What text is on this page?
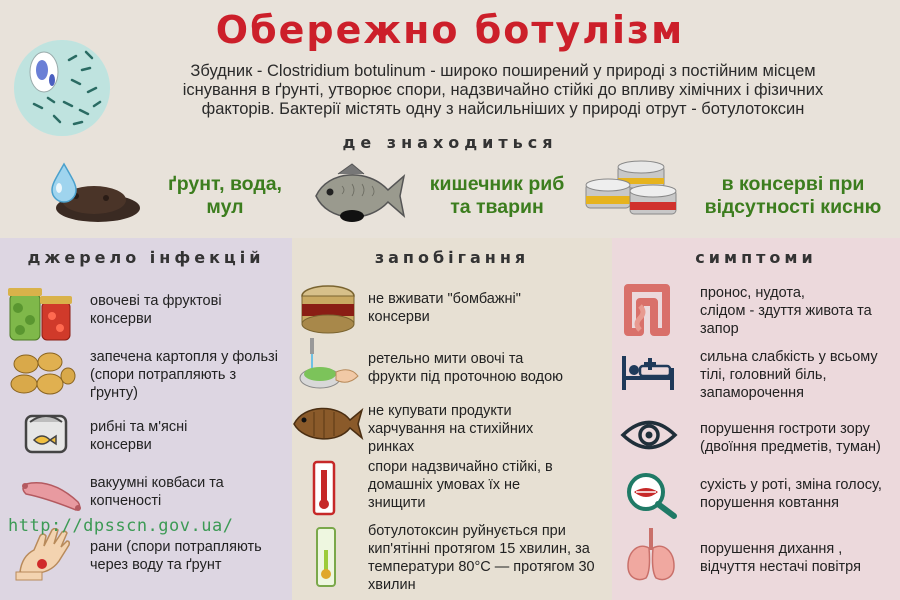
Обережно ботулізм
Збудник - Clostridium botulinum - широко поширений у природі з постійним місцем
існування в ґрунті, утворює спори, надзвичайно стійкі до впливу хімічних і фізичних
факторів. Бактерії містять одну з найсильніших у природі отрут - ботулотоксин
де знаходиться
ґрунт, вода,
мул
кишечник риб
та тварин
в консерві при
відсутності кисню
джерело інфекцій
овочеві та фруктові
консерви
запечена картопля у фользі
(спори потрапляють з
ґрунту)
рибні та м'ясні
консерви
вакуумні ковбаси та
копченості
рани (спори потрапляють
через воду та ґрунт
запобігання
не вживати "бомбажні"
консерви
ретельно мити овочі та
фрукти під проточною водою
не купувати продукти
харчування на стихійних
ринках
спори надзвичайно стійкі, в
домашніх умовах їх не
знищити
ботулотоксин руйнується при
кип'ятінні протягом 15 хвилин, за
температури 80°С — протягом 30
хвилин
симптоми
пронос, нудота,
слідом - здуття живота та
запор
сильна слабкість у всьому
тілі, головний біль,
запаморочення
порушення гостроти зору
(двоїння предметів, туман)
сухість у роті, зміна голосу,
порушення ковтання
порушення дихання ,
відчуття нестачі повітря
http://dpsscn.gov.ua/
